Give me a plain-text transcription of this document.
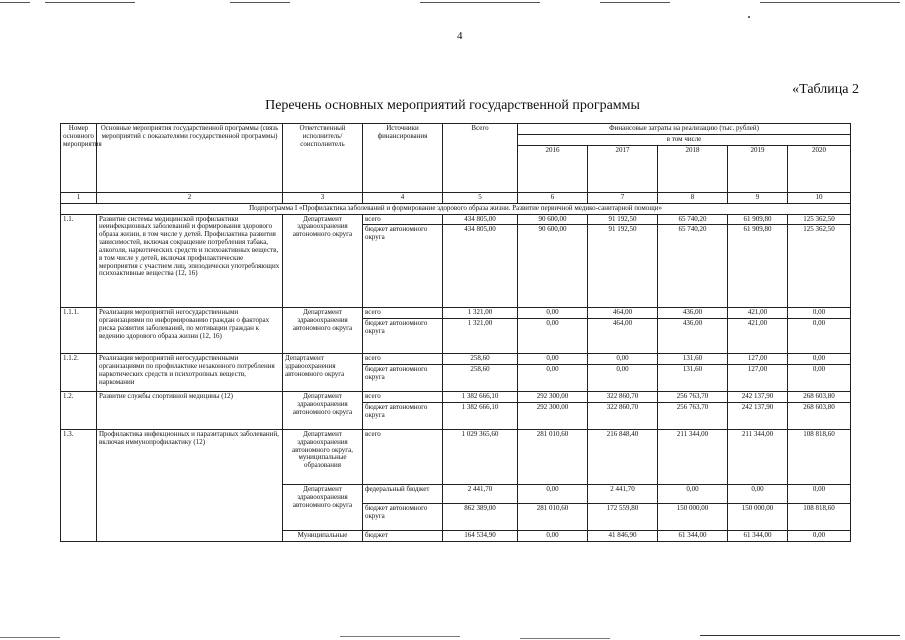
4
«Таблица 2
Перечень основных мероприятий государственной программы
Номер основного мероприятия	Основные мероприятия государственной программы (связь мероприятий с показателями государственной программы)	Ответственный исполнитель/ соисполнитель	Источники финансирования	Всего	Финансовые затраты на реализацию (тыс. рублей)				
					в том числе				
					2016	2017	2018	2019	2020
1	2	3	4	5	6	7	8	9	10
Подпрограмма I «Профилактика заболеваний и формирование здорового образа жизни. Развитие первичной медико-санитарной помощи»									
1.1.	Развитие системы медицинской профилактики неинфекционных заболеваний и формирования здорового образа жизни, в том числе у детей. Профилактика развития зависимостей, включая сокращение потребления табака, алкоголя, наркотических средств и психоактивных веществ, в том числе у детей, включая профилактические мероприятия с участием лиц, эпизодически употребляющих психоактивные вещества (12, 16)	Департамент здравоохранения автономного округа	всего	434 805,00	90 600,00	91 192,50	65 740,20	61 909,80	125 362,50
			бюджет автономного округа	434 805,00	90 600,00	91 192,50	65 740,20	61 909,80	125 362,50
1.1.1.	Реализация мероприятий негосударственными организациями по информированию граждан о факторах риска развития заболеваний, по мотивации граждан к ведению здорового образа жизни (12, 16)	Департамент здравоохранения автономного округа	всего	1 321,00	0,00	464,00	436,00	421,00	0,00
			бюджет автономного округа	1 321,00	0,00	464,00	436,00	421,00	0,00
1.1.2.	Реализация мероприятий негосударственными организациями по профилактике незаконного потребления наркотических средств и психотропных веществ, наркомании	Департамент здравоохранения автономного округа	всего	258,60	0,00	0,00	131,60	127,00	0,00
			бюджет автономного округа	258,60	0,00	0,00	131,60	127,00	0,00
1.2.	Развитие службы спортивной медицины (12)	Департамент здравоохранения автономного округа	всего	1 382 666,10	292 300,00	322 860,70	256 763,70	242 137,90	268 603,80
			бюджет автономного округа	1 382 666,10	292 300,00	322 860,70	256 763,70	242 137,90	268 603,80
1.3.	Профилактика инфекционных и паразитарных заболеваний, включая иммунопрофилактику (12)	Департамент здравоохранения автономного округа, муниципальные образования	всего	1 029 365,60	281 010,60	216 848,40	211 344,00	211 344,00	108 818,60
		Департамент здравоохранения автономного округа	федеральный бюджет	2 441,70	0,00	2 441,70	0,00	0,00	0,00
			бюджет автономного округа	862 389,00	281 010,60	172 559,80	150 000,00	150 000,00	108 818,60
		Муниципальные	бюджет	164 534,90	0,00	41 846,90	61 344,00	61 344,00	0,00
